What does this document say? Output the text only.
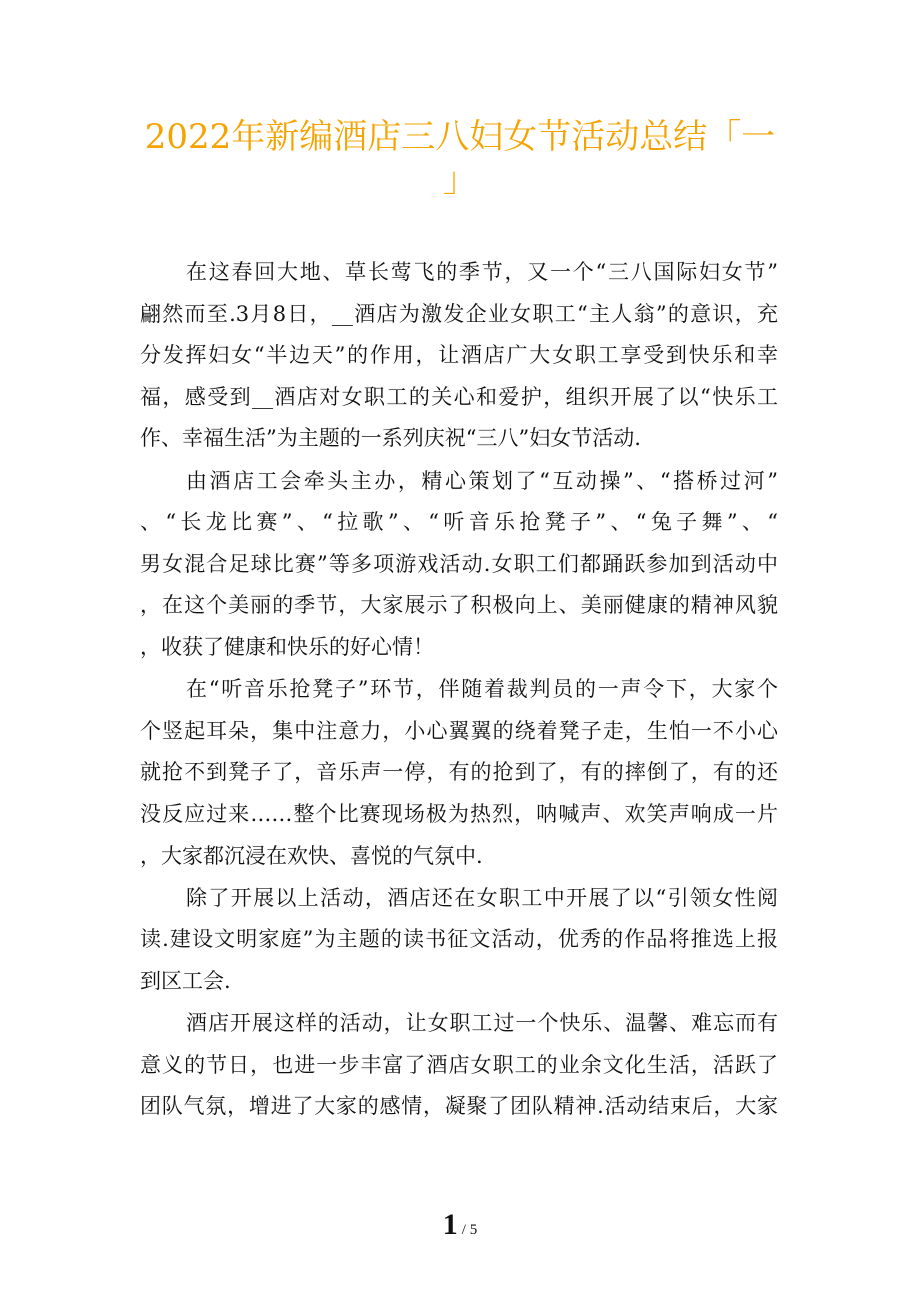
2022年新编酒店三八妇女节活动总结「一
」
在这春回大地、草长莺飞的季节，又一个“三八国际妇女节”
翩然而至.3月8日，__酒店为激发企业女职工“主人翁”的意识，充
分发挥妇女“半边天”的作用，让酒店广大女职工享受到快乐和幸
福，感受到__酒店对女职工的关心和爱护，组织开展了以“快乐工
作、幸福生活”为主题的一系列庆祝“三八”妇女节活动.
由酒店工会牵头主办，精心策划了“互动操”、“搭桥过河”
、“长龙比赛”、“拉歌”、“听音乐抢凳子”、“兔子舞”、“
男女混合足球比赛”等多项游戏活动.女职工们都踊跃参加到活动中
，在这个美丽的季节，大家展示了积极向上、美丽健康的精神风貌
，收获了健康和快乐的好心情！
在“听音乐抢凳子”环节，伴随着裁判员的一声令下，大家个
个竖起耳朵，集中注意力，小心翼翼的绕着凳子走，生怕一不小心
就抢不到凳子了，音乐声一停，有的抢到了，有的摔倒了，有的还
没反应过来……整个比赛现场极为热烈，呐喊声、欢笑声响成一片
，大家都沉浸在欢快、喜悦的气氛中.
除了开展以上活动，酒店还在女职工中开展了以“引领女性阅
读.建设文明家庭”为主题的读书征文活动，优秀的作品将推选上报
到区工会.
酒店开展这样的活动，让女职工过一个快乐、温馨、难忘而有
意义的节日，也进一步丰富了酒店女职工的业余文化生活，活跃了
团队气氛，增进了大家的感情，凝聚了团队精神.活动结束后，大家
1 / 5
